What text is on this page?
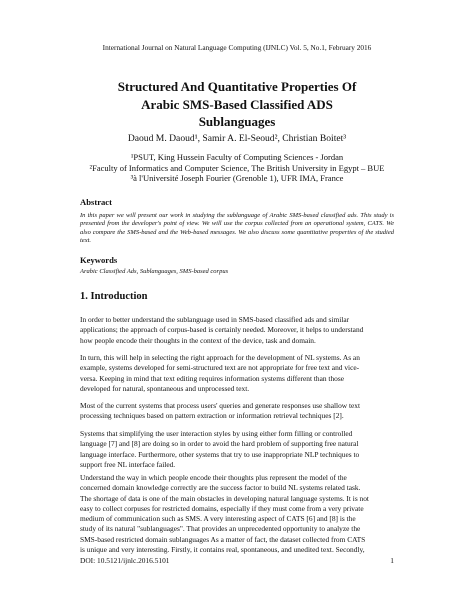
International Journal on Natural Language Computing (IJNLC) Vol. 5, No.1, February 2016
Structured And Quantitative Properties Of
Arabic SMS-Based Classified ADS
Sublanguages
Daoud M. Daoud¹, Samir A. El-Seoud², Christian Boitet³
¹PSUT, King Hussein Faculty of Computing Sciences - Jordan
²Faculty of Informatics and Computer Science, The British University in Egypt – BUE
³à l'Université Joseph Fourier (Grenoble 1), UFR IMA, France
Abstract
In this paper we will present our work in studying the sublanguage of Arabic SMS-based classified ads. This study is presented from the developer's point of view. We will use the corpus collected from an operational system, CATS. We also compare the SMS-based and the Web-based messages. We also discuss some quantitative properties of the studied text.
Keywords
Arabic Classified Ads, Sublanguages, SMS-based corpus
1. Introduction
In order to better understand the sublanguage used in SMS-based classified ads and similar
applications; the approach of corpus-based is certainly needed. Moreover, it helps to understand
how people encode their thoughts in the context of the device, task and domain.
In turn, this will help in selecting the right approach for the development of NL systems. As an
example, systems developed for semi-structured text are not appropriate for free text and vice-
versa. Keeping in mind that text editing requires information systems different than those
developed for natural, spontaneous and unprocessed text.
Most of the current systems that process users' queries and generate responses use shallow text
processing techniques based on pattern extraction or information retrieval techniques [2].
Systems that simplifying the user interaction styles by using either form filling or controlled
language [7] and [8] are doing so in order to avoid the hard problem of supporting free natural
language interface. Furthermore, other systems that try to use inappropriate NLP techniques to
support free NL interface failed.
Understand the way in which people encode their thoughts plus represent the model of the
concerned domain knowledge correctly are the success factor to build NL systems related task.
The shortage of data is one of the main obstacles in developing natural language systems. It is not
easy to collect corpuses for restricted domains, especially if they must come from a very private
medium of communication such as SMS. A very interesting aspect of CATS [6] and [8] is the
study of its natural "sublanguages". That provides an unprecedented opportunity to analyze the
SMS-based restricted domain sublanguages As a matter of fact, the dataset collected from CATS
is unique and very interesting. Firstly, it contains real, spontaneous, and unedited text. Secondly,
DOI: 10.5121/ijnlc.2016.5101	1
